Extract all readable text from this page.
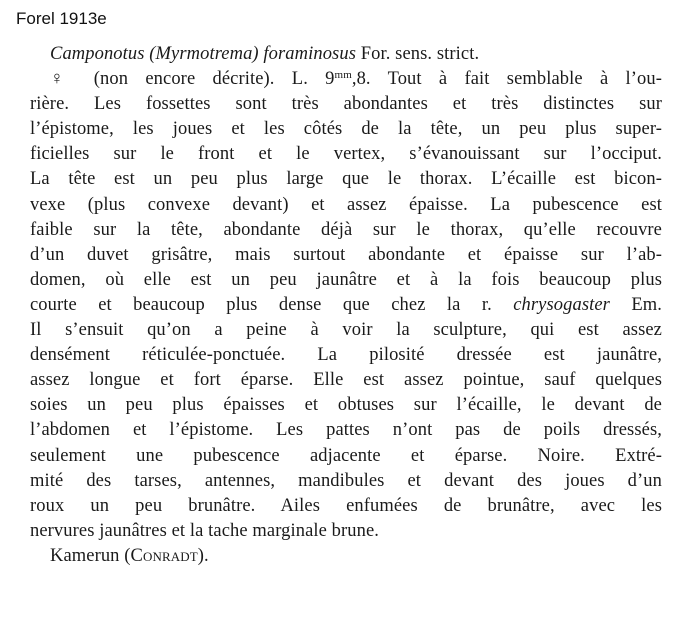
Forel 1913e

Camponotus (Myrmotrema) foraminosus For. sens. strict.

♀ (non encore décrite). L. $9^{mm},8$. Tout à fait semblable à l’ou-
rière. Les fossettes sont très abondantes et très distinctes sur
l’épistome, les joues et les côtés de la tête, un peu plus super-
ficielles sur le front et le vertex, s’évanouissant sur l’occiput.
La tête est un peu plus large que le thorax. L’écaille est bicon-
vexe (plus convexe devant) et assez épaisse. La pubescence est
faible sur la tête, abondante déjà sur le thorax, qu’elle recouvre
d’un duvet grisâtre, mais surtout abondante et épaisse sur l’ab-
domen, où elle est un peu jaunâtre et à la fois beaucoup plus
courte et beaucoup plus dense que chez la r. chrysogaster Em.
Il s’ensuit qu’on a peine à voir la sculpture, qui est assez
densément réticulée-ponctuée. La pilosité dressée est jaunâtre,
assez longue et fort éparse. Elle est assez pointue, sauf quelques
soies un peu plus épaisses et obtuses sur l’écaille, le devant de
l’abdomen et l’épistome. Les pattes n’ont pas de poils dressés,
seulement une pubescence adjacente et éparse. Noire. Extré-
mité des tarses, antennes, mandibules et devant des joues d’un
roux un peu brunâtre. Ailes enfumées de brunâtre, avec les
nervures jaunâtres et la tache marginale brune.

Kamerun (Conradt).
